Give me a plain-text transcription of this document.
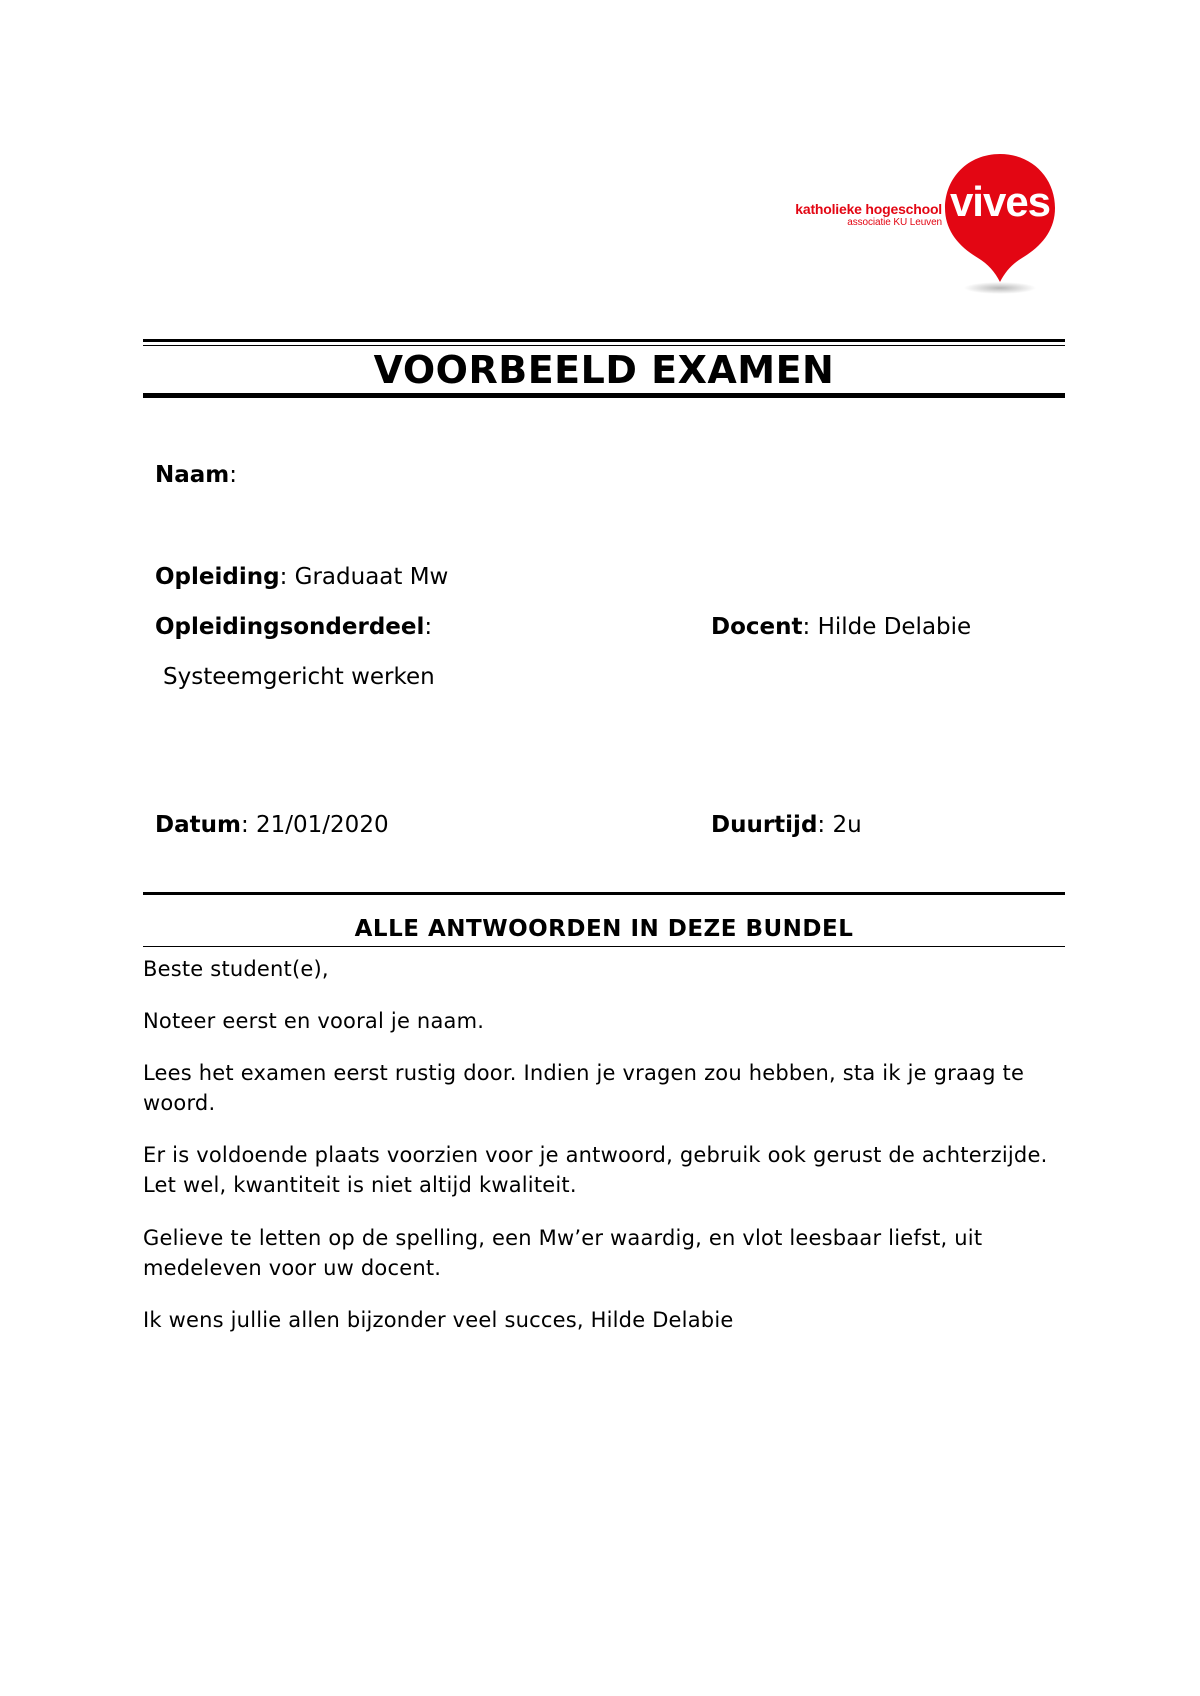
katholieke hogeschool
associatie KU Leuven vives
VOORBEELD EXAMEN
Naam:
Opleiding: Graduaat Mw
Opleidingsonderdeel:
Systeemgericht werken
Docent: Hilde Delabie
Datum: 21/01/2020	Duurtijd: 2u
ALLE ANTWOORDEN IN DEZE BUNDEL
Beste student(e),
Noteer eerst en vooral je naam.
Lees het examen eerst rustig door. Indien je vragen zou hebben, sta ik je graag te woord.
Er is voldoende plaats voorzien voor je antwoord, gebruik ook gerust de achterzijde. Let wel, kwantiteit is niet altijd kwaliteit.
Gelieve te letten op de spelling, een Mw’er waardig, en vlot leesbaar liefst, uit medeleven voor uw docent.
Ik wens jullie allen bijzonder veel succes, Hilde Delabie
